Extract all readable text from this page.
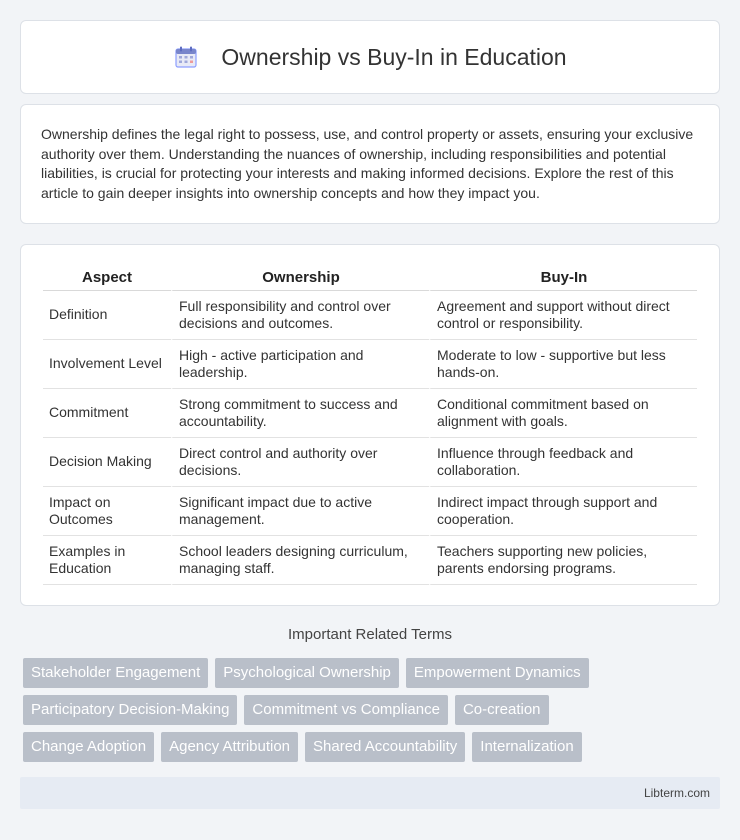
Ownership vs Buy-In in Education

Ownership defines the legal right to possess, use, and control property or assets, ensuring your exclusive authority over them. Understanding the nuances of ownership, including responsibilities and potential liabilities, is crucial for protecting your interests and making informed decisions. Explore the rest of this article to gain deeper insights into ownership concepts and how they impact you.

Aspect	Ownership	Buy-In
Definition	Full responsibility and control over decisions and outcomes.	Agreement and support without direct control or responsibility.
Involvement Level	High - active participation and leadership.	Moderate to low - supportive but less hands-on.
Commitment	Strong commitment to success and accountability.	Conditional commitment based on alignment with goals.
Decision Making	Direct control and authority over decisions.	Influence through feedback and collaboration.
Impact on Outcomes	Significant impact due to active management.	Indirect impact through support and cooperation.
Examples in Education	School leaders designing curriculum, managing staff.	Teachers supporting new policies, parents endorsing programs.
Important Related Terms
Stakeholder Engagement	Psychological Ownership	Empowerment Dynamics
Participatory Decision-Making	Commitment vs Compliance	Co-creation
Change Adoption	Agency Attribution	Shared Accountability	Internalization
Libterm.com
